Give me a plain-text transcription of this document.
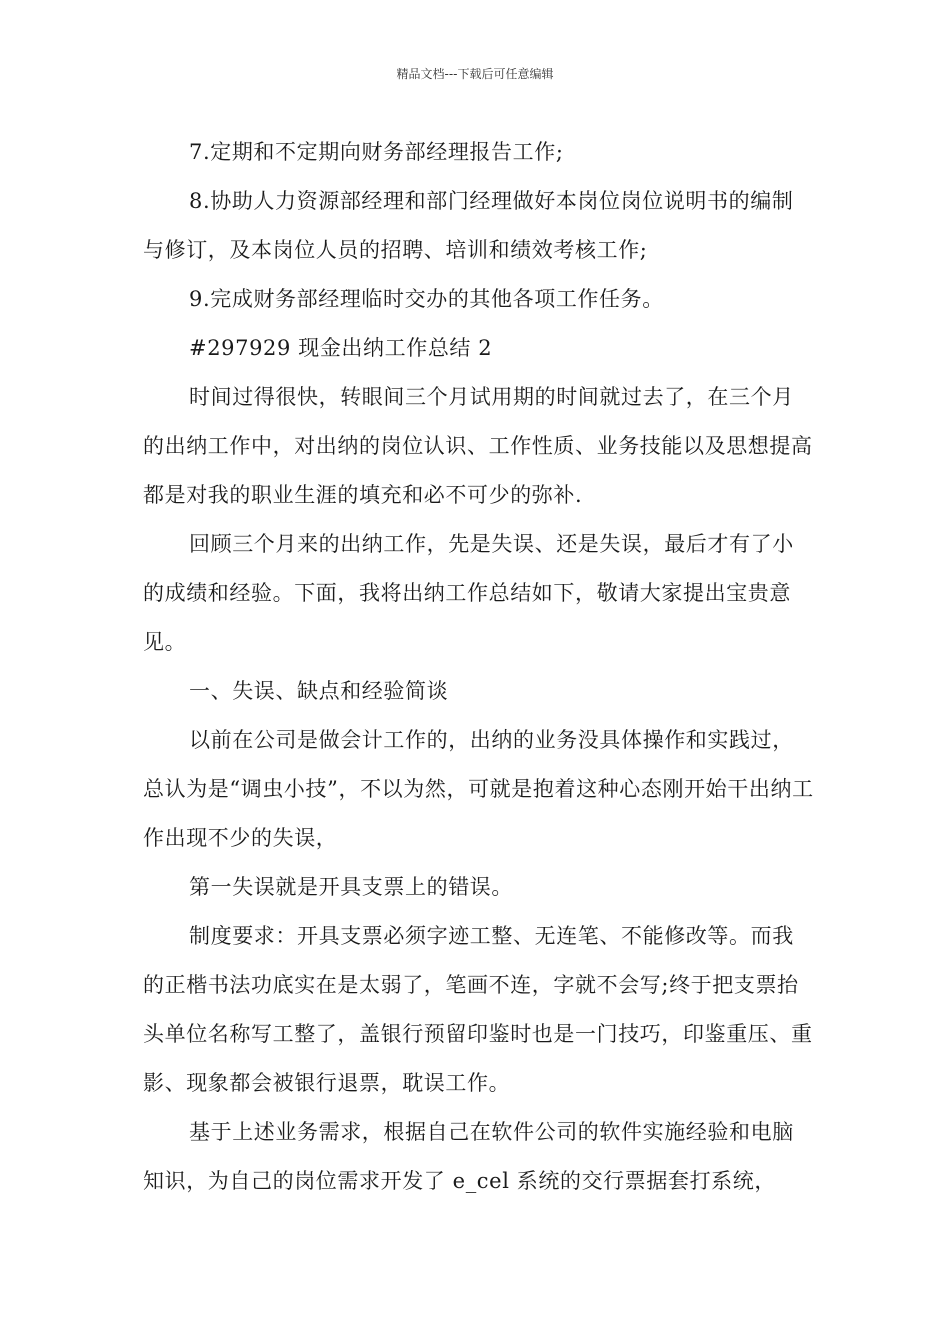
精品文档---下载后可任意编辑

7.定期和不定期向财务部经理报告工作;

8.协助人力资源部经理和部门经理做好本岗位岗位说明书的编制与修订，及本岗位人员的招聘、培训和绩效考核工作;

9.完成财务部经理临时交办的其他各项工作任务。

#297929 现金出纳工作总结 2

时间过得很快，转眼间三个月试用期的时间就过去了，在三个月的出纳工作中，对出纳的岗位认识、工作性质、业务技能以及思想提高都是对我的职业生涯的填充和必不可少的弥补.

回顾三个月来的出纳工作，先是失误、还是失误，最后才有了小的成绩和经验。下面，我将出纳工作总结如下，敬请大家提出宝贵意见。

一、失误、缺点和经验简谈

以前在公司是做会计工作的，出纳的业务没具体操作和实践过，总认为是“调虫小技”，不以为然，可就是抱着这种心态刚开始干出纳工作出现不少的失误，

第一失误就是开具支票上的错误。

制度要求：开具支票必须字迹工整、无连笔、不能修改等。而我的正楷书法功底实在是太弱了，笔画不连，字就不会写;终于把支票抬头单位名称写工整了，盖银行预留印鉴时也是一门技巧，印鉴重压、重影、现象都会被银行退票，耽误工作。

基于上述业务需求，根据自己在软件公司的软件实施经验和电脑知识，为自己的岗位需求开发了 e_cel 系统的交行票据套打系统，
